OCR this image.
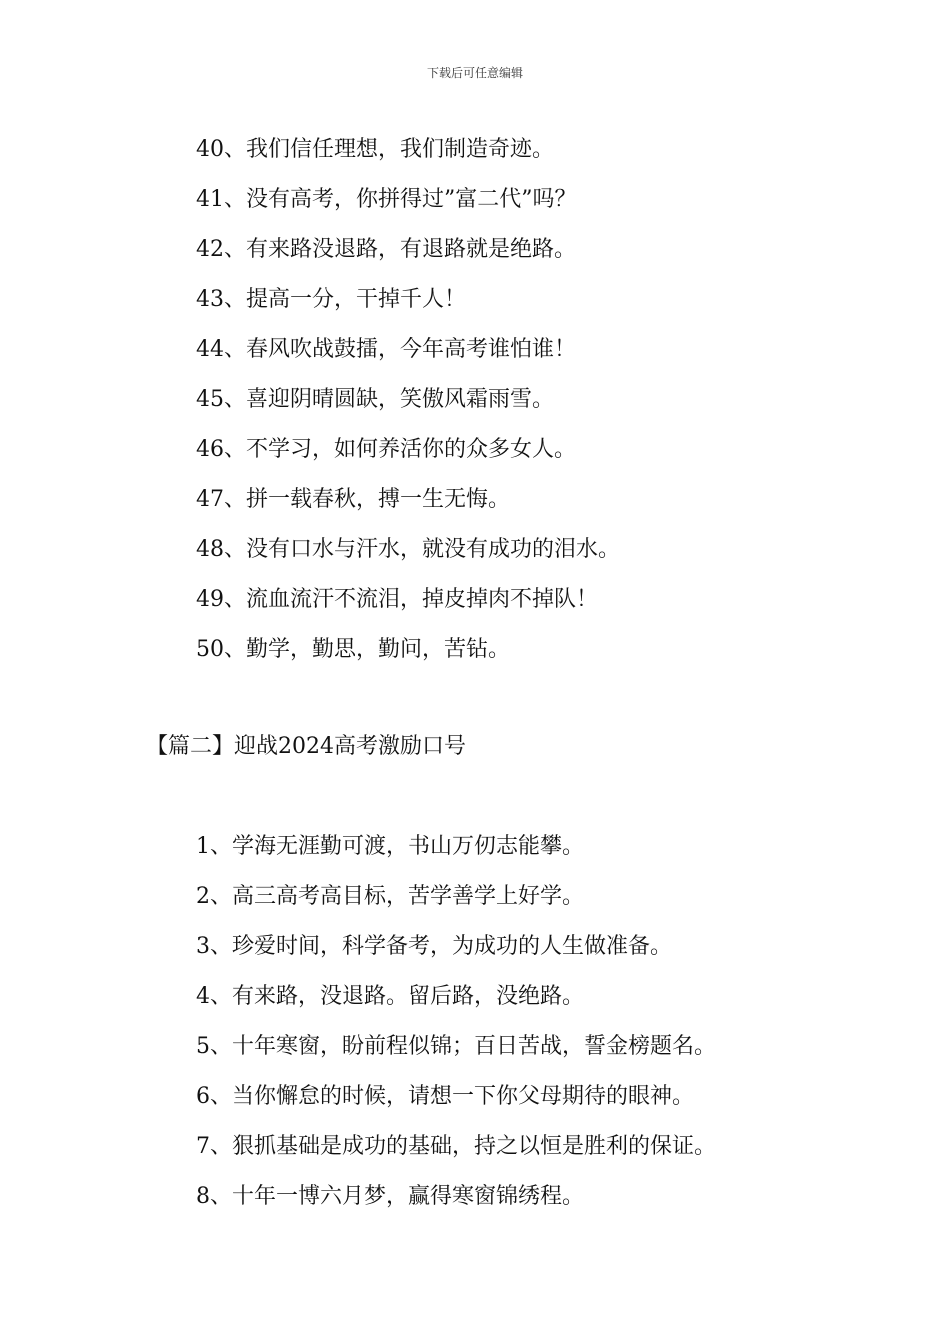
下载后可任意编辑
40、我们信任理想，我们制造奇迹。
41、没有高考，你拼得过”富二代”吗？
42、有来路没退路，有退路就是绝路。
43、提高一分，干掉千人！
44、春风吹战鼓擂，今年高考谁怕谁！
45、喜迎阴晴圆缺，笑傲风霜雨雪。
46、不学习，如何养活你的众多女人。
47、拼一载春秋，搏一生无悔。
48、没有口水与汗水，就没有成功的泪水。
49、流血流汗不流泪，掉皮掉肉不掉队！
50、勤学，勤思，勤问，苦钻。
【篇二】迎战2024高考激励口号
1、学海无涯勤可渡，书山万仞志能攀。
2、高三高考高目标，苦学善学上好学。
3、珍爱时间，科学备考，为成功的人生做准备。
4、有来路，没退路。留后路，没绝路。
5、十年寒窗，盼前程似锦；百日苦战，誓金榜题名。
6、当你懈怠的时候，请想一下你父母期待的眼神。
7、狠抓基础是成功的基础，持之以恒是胜利的保证。
8、十年一博六月梦，赢得寒窗锦绣程。
